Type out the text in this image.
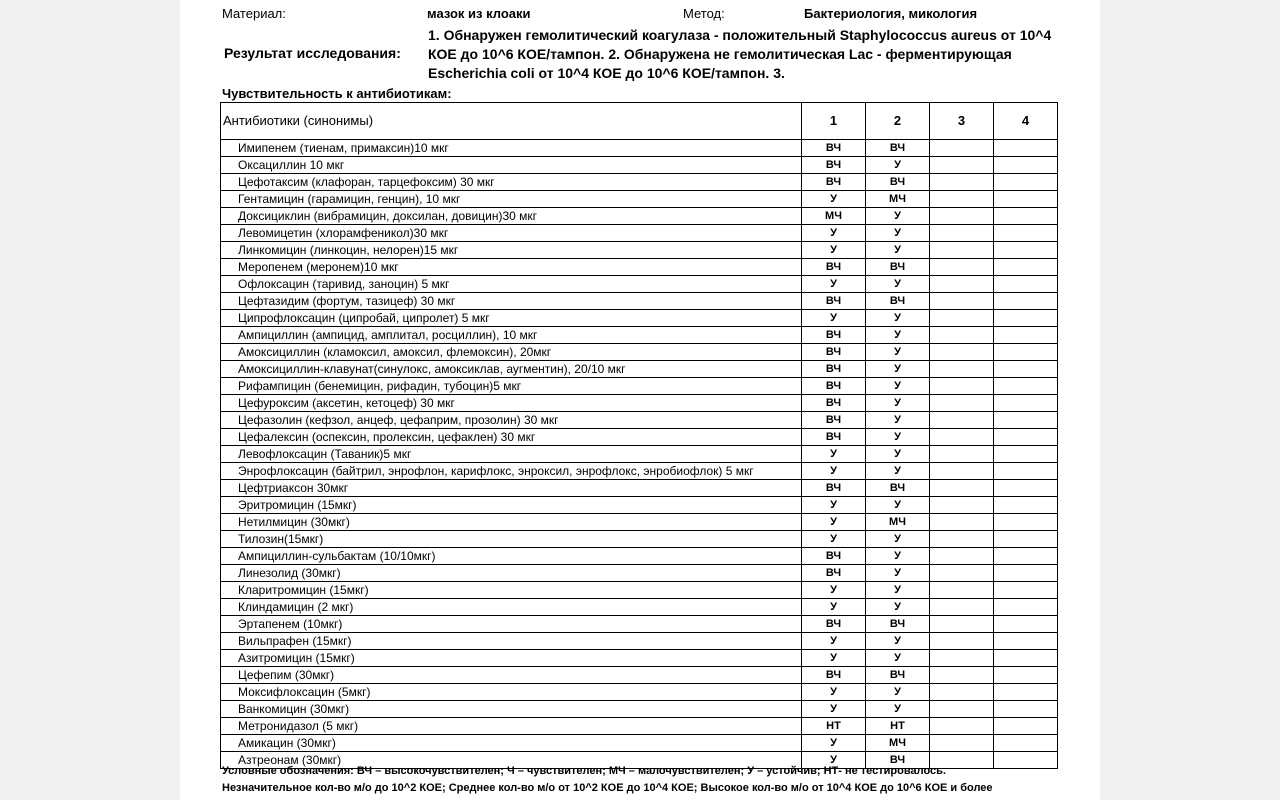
Материал:	мазок из клоаки	Метод:	Бактериология, микология
Результат исследования:
1. Обнаружен гемолитический коагулаза - положительный Staphylococcus aureus от 10^4 КОЕ до 10^6 КОЕ/тампон. 2. Обнаружена не гемолитическая Lac - ферментирующая Escherichia coli от 10^4 КОЕ до 10^6 КОЕ/тампон. 3.
Чувствительность к антибиотикам:
Антибиотики (синонимы)	1	2	3	4
Имипенем (тиенам, примаксин)10 мкг	ВЧ	ВЧ		
Оксациллин 10 мкг	ВЧ	У		
Цефотаксим (клафоран, тарцефоксим) 30 мкг	ВЧ	ВЧ		
Гентамицин (гарамицин, генцин), 10 мкг	У	МЧ		
Доксициклин (вибрамицин, доксилан, довицин)30 мкг	МЧ	У		
Левомицетин (хлорамфеникол)30 мкг	У	У		
Линкомицин (линкоцин, нелорен)15 мкг	У	У		
Меропенем (меронем)10 мкг	ВЧ	ВЧ		
Офлоксацин (таривид, заноцин) 5 мкг	У	У		
Цефтазидим (фортум, тазицеф) 30 мкг	ВЧ	ВЧ		
Ципрофлоксацин (ципробай, ципролет) 5 мкг	У	У		
Ампициллин (ампицид, амплитал, росциллин), 10 мкг	ВЧ	У		
Амоксициллин (кламоксил, амоксил, флемоксин), 20мкг	ВЧ	У		
Амоксициллин-клавунат(синулокс, амоксиклав, аугментин), 20/10 мкг	ВЧ	У		
Рифампицин (бенемицин, рифадин, тубоцин)5 мкг	ВЧ	У		
Цефуроксим (аксетин, кетоцеф) 30 мкг	ВЧ	У		
Цефазолин (кефзол, анцеф, цефаприм, прозолин) 30 мкг	ВЧ	У		
Цефалексин (оспексин, пролексин, цефаклен) 30 мкг	ВЧ	У		
Левофлоксацин (Таваник)5 мкг	У	У		
Энрофлоксацин (байтрил, энрофлон, карифлокс, энроксил, энрофлокс, энробиофлок) 5 мкг	У	У		
Цефтриаксон 30мкг	ВЧ	ВЧ		
Эритромицин (15мкг)	У	У		
Нетилмицин (30мкг)	У	МЧ		
Тилозин(15мкг)	У	У		
Ампициллин-сульбактам (10/10мкг)	ВЧ	У		
Линезолид (30мкг)	ВЧ	У		
Кларитромицин (15мкг)	У	У		
Клиндамицин (2 мкг)	У	У		
Эртапенем (10мкг)	ВЧ	ВЧ		
Вильпрафен (15мкг)	У	У		
Азитромицин (15мкг)	У	У		
Цефепим (30мкг)	ВЧ	ВЧ		
Моксифлоксацин (5мкг)	У	У		
Ванкомицин (30мкг)	У	У		
Метронидазол (5 мкг)	НТ	НТ		
Амикацин (30мкг)	У	МЧ		
Азтреонам (30мкг)	У	ВЧ		
Условные обозначения: ВЧ – высокочувствителен; Ч – чувствителен; МЧ – малочувствителен; У – устойчив; НТ- не тестировалось.
Незначительное кол-во м/о до 10^2 КОЕ; Среднее кол-во м/о от 10^2 КОЕ до 10^4 КОЕ; Высокое кол-во м/о от 10^4 КОЕ до 10^6 КОЕ и более
